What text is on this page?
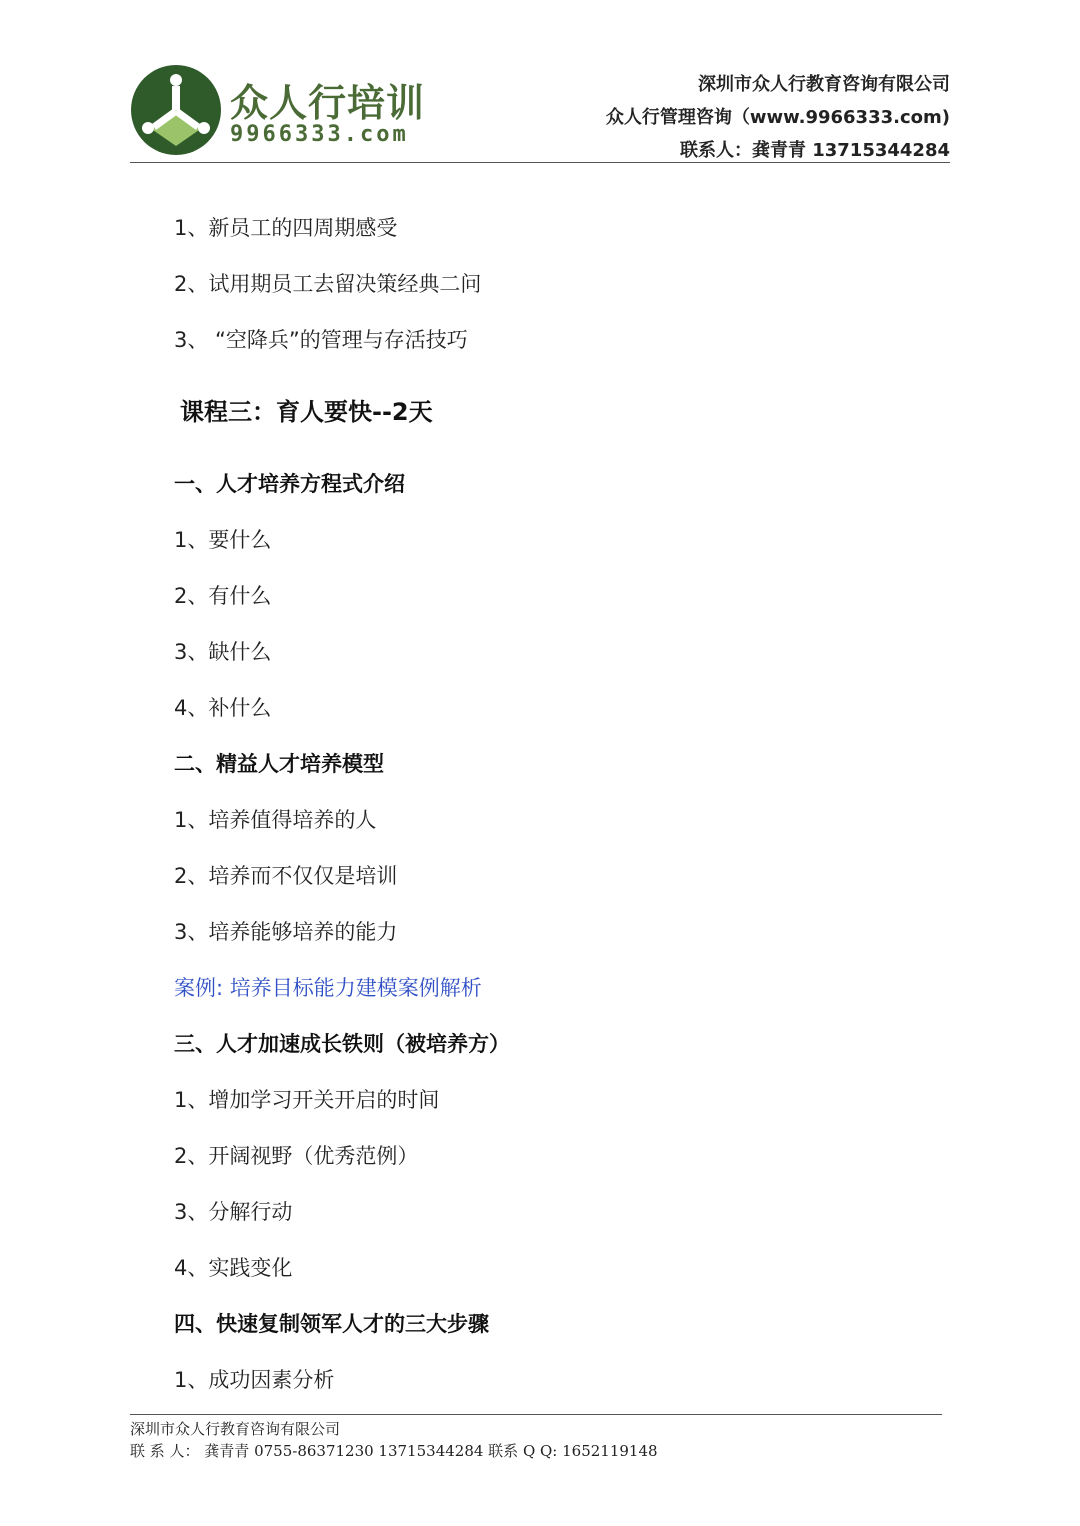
众人行培训
9966333.com
深圳市众人行教育咨询有限公司
众人行管理咨询（www.9966333.com)
联系人：龚青青 13715344284
1、新员工的四周期感受
2、试用期员工去留决策经典二问
3、 “空降兵”的管理与存活技巧
课程三：育人要快--2天
一、人才培养方程式介绍
1、要什么
2、有什么
3、缺什么
4、补什么
二、精益人才培养模型
1、培养值得培养的人
2、培养而不仅仅是培训
3、培养能够培养的能力
案例: 培养目标能力建模案例解析
三、人才加速成长铁则（被培养方）
1、增加学习开关开启的时间
2、开阔视野（优秀范例）
3、分解行动
4、实践变化
四、快速复制领军人才的三大步骤
1、成功因素分析
深圳市众人行教育咨询有限公司
联 系 人： 龚青青 0755-86371230 13715344284 联系 Q Q: 1652119148
